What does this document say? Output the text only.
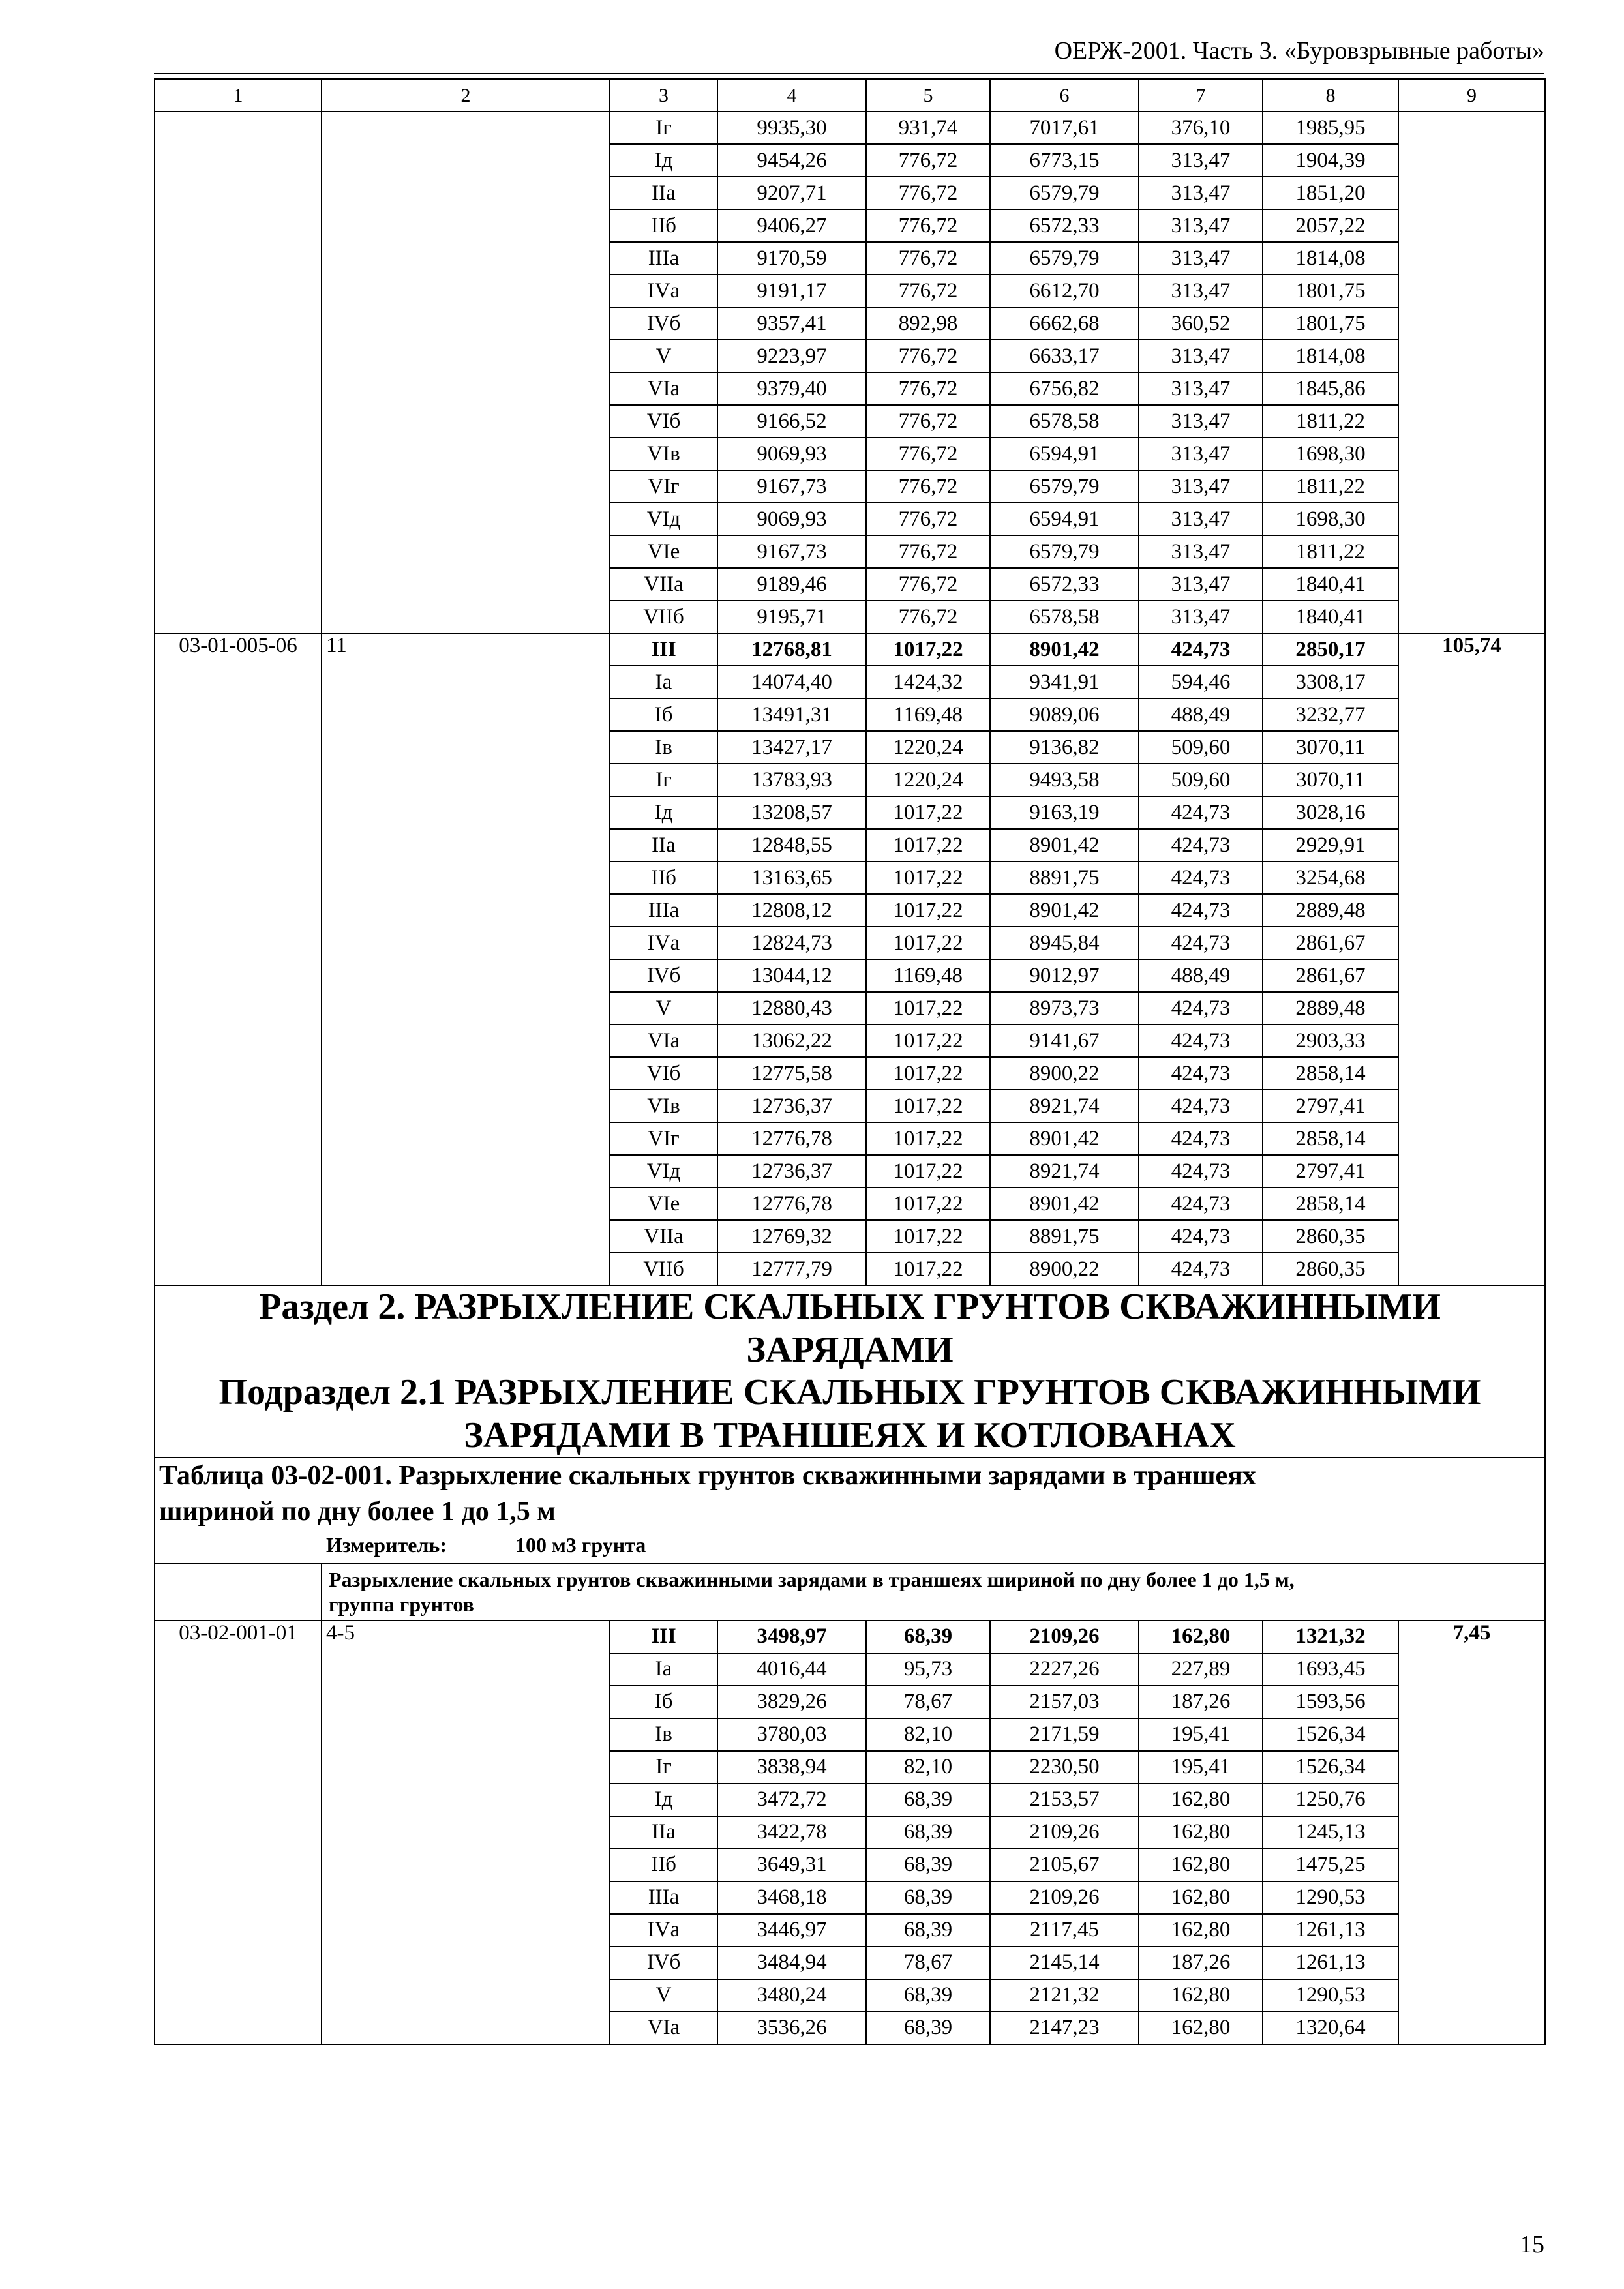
ОЕРЖ-2001. Часть 3. «Буровзрывные работы»
1	2	3	4	5	6	7	8	9
		Iг	9935,30	931,74	7017,61	376,10	1985,95	
		Iд	9454,26	776,72	6773,15	313,47	1904,39	
		IIа	9207,71	776,72	6579,79	313,47	1851,20	
		IIб	9406,27	776,72	6572,33	313,47	2057,22	
		IIIа	9170,59	776,72	6579,79	313,47	1814,08	
		IVа	9191,17	776,72	6612,70	313,47	1801,75	
		IVб	9357,41	892,98	6662,68	360,52	1801,75	
		V	9223,97	776,72	6633,17	313,47	1814,08	
		VIа	9379,40	776,72	6756,82	313,47	1845,86	
		VIб	9166,52	776,72	6578,58	313,47	1811,22	
		VIв	9069,93	776,72	6594,91	313,47	1698,30	
		VIг	9167,73	776,72	6579,79	313,47	1811,22	
		VIд	9069,93	776,72	6594,91	313,47	1698,30	
		VIе	9167,73	776,72	6579,79	313,47	1811,22	
		VIIа	9189,46	776,72	6572,33	313,47	1840,41	
		VIIб	9195,71	776,72	6578,58	313,47	1840,41	
03-01-005-06	11	III	12768,81	1017,22	8901,42	424,73	2850,17	105,74
		Iа	14074,40	1424,32	9341,91	594,46	3308,17	
		Iб	13491,31	1169,48	9089,06	488,49	3232,77	
		Iв	13427,17	1220,24	9136,82	509,60	3070,11	
		Iг	13783,93	1220,24	9493,58	509,60	3070,11	
		Iд	13208,57	1017,22	9163,19	424,73	3028,16	
		IIа	12848,55	1017,22	8901,42	424,73	2929,91	
		IIб	13163,65	1017,22	8891,75	424,73	3254,68	
		IIIа	12808,12	1017,22	8901,42	424,73	2889,48	
		IVа	12824,73	1017,22	8945,84	424,73	2861,67	
		IVб	13044,12	1169,48	9012,97	488,49	2861,67	
		V	12880,43	1017,22	8973,73	424,73	2889,48	
		VIа	13062,22	1017,22	9141,67	424,73	2903,33	
		VIб	12775,58	1017,22	8900,22	424,73	2858,14	
		VIв	12736,37	1017,22	8921,74	424,73	2797,41	
		VIг	12776,78	1017,22	8901,42	424,73	2858,14	
		VIд	12736,37	1017,22	8921,74	424,73	2797,41	
		VIе	12776,78	1017,22	8901,42	424,73	2858,14	
		VIIа	12769,32	1017,22	8891,75	424,73	2860,35	
		VIIб	12777,79	1017,22	8900,22	424,73	2860,35	

Раздел 2. РАЗРЫХЛЕНИЕ СКАЛЬНЫХ ГРУНТОВ СКВАЖИННЫМИ
ЗАРЯДАМИ
Подраздел 2.1 РАЗРЫХЛЕНИЕ СКАЛЬНЫХ ГРУНТОВ СКВАЖИННЫМИ
ЗАРЯДАМИ В ТРАНШЕЯХ И КОТЛОВАНАХ								

Таблица 03-02-001. Разрыхление скальных грунтов скважинными зарядами в траншеях
шириной по дну более 1 до 1,5 м
Измеритель: 100 м3 грунта								

	Разрыхление скальных грунтов скважинными зарядами в траншеях шириной по дну более 1 до 1,5 м,
группа грунтов							

03-02-001-01	4-5	III	3498,97	68,39	2109,26	162,80	1321,32	7,45
		Iа	4016,44	95,73	2227,26	227,89	1693,45	
		Iб	3829,26	78,67	2157,03	187,26	1593,56	
		Iв	3780,03	82,10	2171,59	195,41	1526,34	
		Iг	3838,94	82,10	2230,50	195,41	1526,34	
		Iд	3472,72	68,39	2153,57	162,80	1250,76	
		IIа	3422,78	68,39	2109,26	162,80	1245,13	
		IIб	3649,31	68,39	2105,67	162,80	1475,25	
		IIIа	3468,18	68,39	2109,26	162,80	1290,53	
		IVа	3446,97	68,39	2117,45	162,80	1261,13	
		IVб	3484,94	78,67	2145,14	187,26	1261,13	
		V	3480,24	68,39	2121,32	162,80	1290,53	
		VIа	3536,26	68,39	2147,23	162,80	1320,64	
15
